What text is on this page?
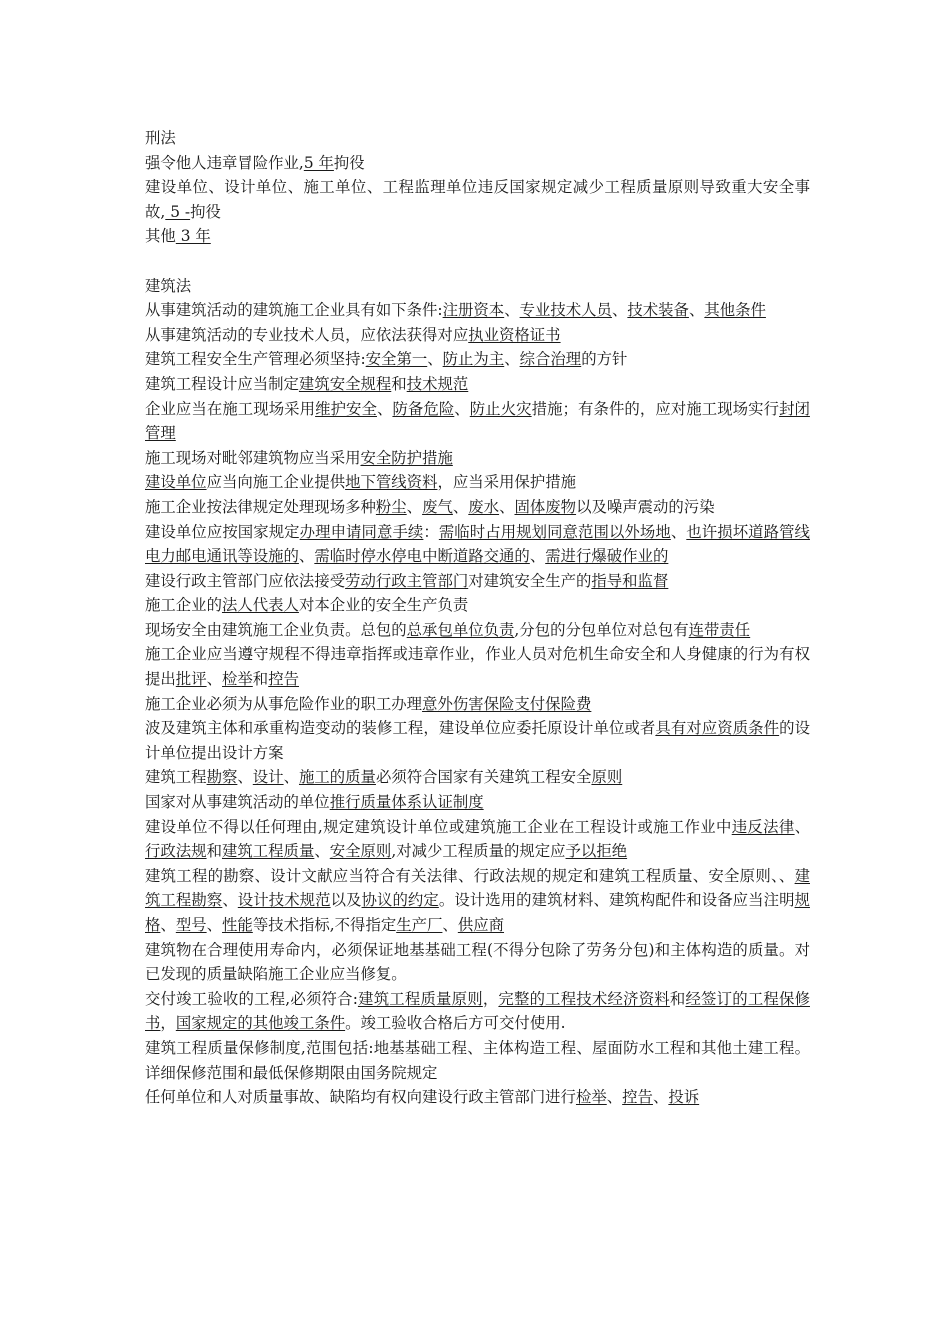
刑法
强令他人违章冒险作业,5 年拘役
建设单位、设计单位、施工单位、工程监理单位违反国家规定减少工程质量原则导致重大安全事故, 5 -拘役
其他 3 年
建筑法
从事建筑活动的建筑施工企业具有如下条件:注册资本、专业技术人员、技术装备、其他条件
从事建筑活动的专业技术人员，应依法获得对应执业资格证书
建筑工程安全生产管理必须坚持:安全第一、防止为主、综合治理的方针
建筑工程设计应当制定建筑安全规程和技术规范
企业应当在施工现场采用维护安全、防备危险、防止火灾措施；有条件的，应对施工现场实行封闭管理
施工现场对毗邻建筑物应当采用安全防护措施
建设单位应当向施工企业提供地下管线资料，应当采用保护措施
施工企业按法律规定处理现场多种粉尘、废气、废水、固体废物以及噪声震动的污染
建设单位应按国家规定办理申请同意手续：需临时占用规划同意范围以外场地、也许损坏道路管线电力邮电通讯等设施的、需临时停水停电中断道路交通的、需进行爆破作业的
建设行政主管部门应依法接受劳动行政主管部门对建筑安全生产的指导和监督
施工企业的法人代表人对本企业的安全生产负责
现场安全由建筑施工企业负责。总包的总承包单位负责,分包的分包单位对总包有连带责任
施工企业应当遵守规程不得违章指挥或违章作业，作业人员对危机生命安全和人身健康的行为有权提出批评、检举和控告
施工企业必须为从事危险作业的职工办理意外伤害保险支付保险费
波及建筑主体和承重构造变动的装修工程，建设单位应委托原设计单位或者具有对应资质条件的设计单位提出设计方案
建筑工程勘察、设计、施工的质量必须符合国家有关建筑工程安全原则
国家对从事建筑活动的单位推行质量体系认证制度
建设单位不得以任何理由,规定建筑设计单位或建筑施工企业在工程设计或施工作业中违反法律、行政法规和建筑工程质量、安全原则,对减少工程质量的规定应予以拒绝
建筑工程的勘察、设计文献应当符合有关法律、行政法规的规定和建筑工程质量、安全原则、、建筑工程勘察、设计技术规范以及协议的约定。设计选用的建筑材料、建筑构配件和设备应当注明规格、型号、性能等技术指标,不得指定生产厂、供应商
建筑物在合理使用寿命内，必须保证地基基础工程(不得分包除了劳务分包)和主体构造的质量。对已发现的质量缺陷施工企业应当修复。
交付竣工验收的工程,必须符合:建筑工程质量原则，完整的工程技术经济资料和经签订的工程保修书，国家规定的其他竣工条件。竣工验收合格后方可交付使用.
建筑工程质量保修制度,范围包括:地基基础工程、主体构造工程、屋面防水工程和其他土建工程。详细保修范围和最低保修期限由国务院规定
任何单位和人对质量事故、缺陷均有权向建设行政主管部门进行检举、控告、投诉
